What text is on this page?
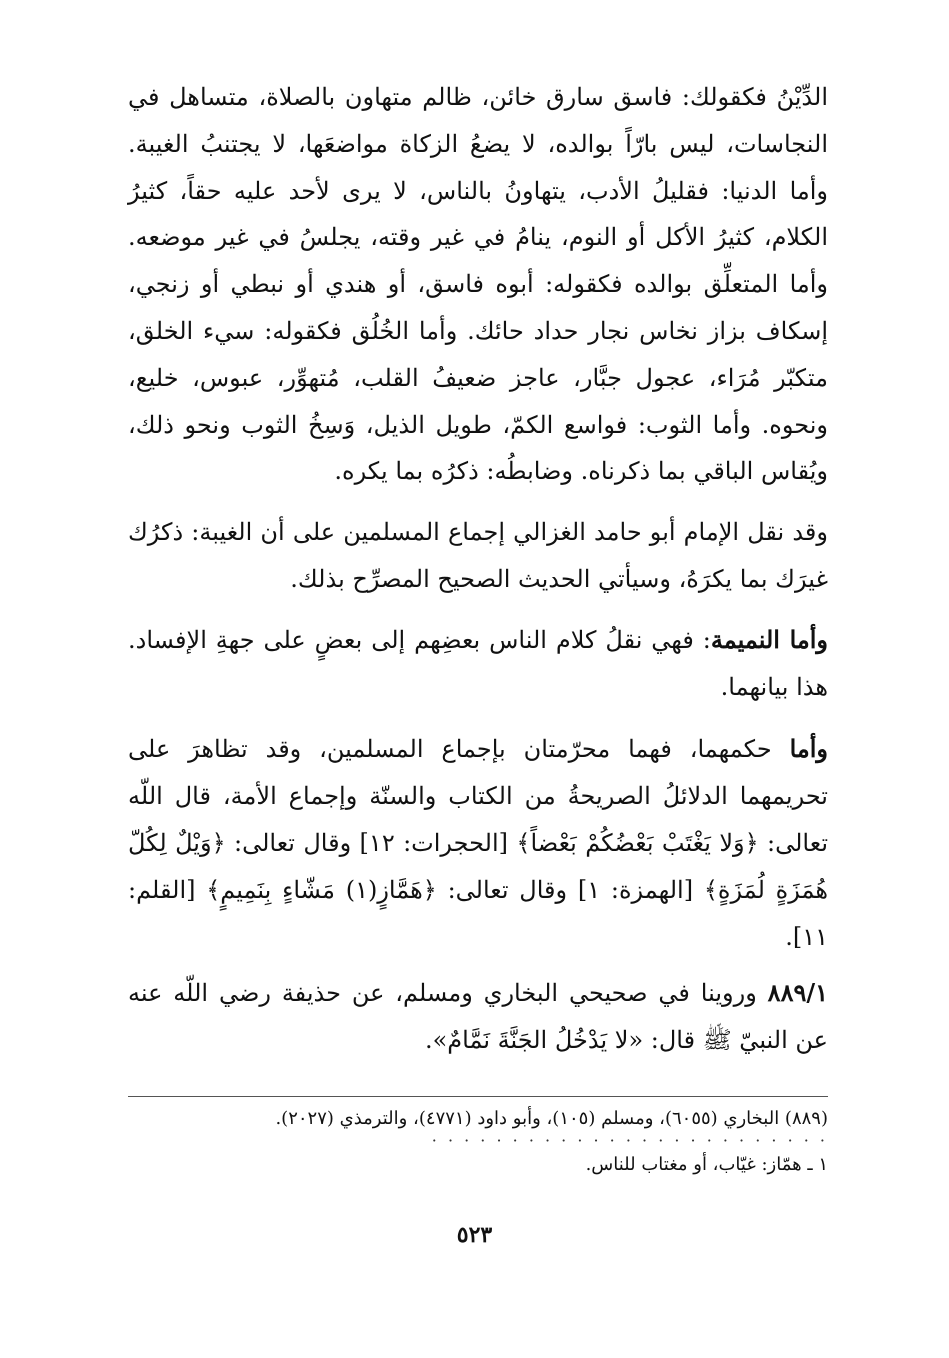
الدِّيْنُ فكقولك: فاسق سارق خائن، ظالم متهاون بالصلاة، متساهل في النجاسات، ليس بارّاً بوالده، لا يضعُ الزكاة مواضعَها، لا يجتنبُ الغيبة. وأما الدنيا: فقليلُ الأدب، يتهاونُ بالناس، لا يرى لأحد عليه حقاً، كثيرُ الكلام، كثيرُ الأكل أو النوم، ينامُ في غير وقته، يجلسُ في غير موضعه. وأما المتعلِّق بوالده فكقوله: أبوه فاسق، أو هندي أو نبطي أو زنجي، إسكاف بزاز نخاس نجار حداد حائك. وأما الخُلُق فكقوله: سيء الخلق، متكبّر مُرَاء، عجول جبَّار، عاجز ضعيفُ القلب، مُتهوِّر، عبوس، خليع، ونحوه. وأما الثوب: فواسع الكمّ، طويل الذيل، وَسِخُ الثوب ونحو ذلك، ويُقاس الباقي بما ذكرناه. وضابطُه: ذكرُه بما يكره.

وقد نقل الإمام أبو حامد الغزالي إجماع المسلمين على أن الغيبة: ذكرُك غيرَك بما يكرَهُ، وسيأتي الحديث الصحيح المصرِّح بذلك.

وأما النميمة: فهي نقلُ كلام الناس بعضِهم إلى بعضٍ على جهةِ الإفساد. هذا بيانهما.

وأما حكمهما، فهما محرّمتان بإجماع المسلمين، وقد تظاهرَ على تحريمهما الدلائلُ الصريحةُ من الكتاب والسنّة وإجماع الأمة، قال اللّه تعالى: ﴿وَلا يَغْتَبْ بَعْضُكُمْ بَعْضاً﴾ [الحجرات: ١٢] وقال تعالى: ﴿وَيْلٌ لِكُلّ هُمَزَةٍ لُمَزَةٍ﴾ [الهمزة: ١] وقال تعالى: ﴿هَمَّازٍ(١) مَشّاءٍ بِنَمِيمٍ﴾ [القلم: ١١].

٨٨٩/١ وروينا في صحيحي البخاري ومسلم، عن حذيفة رضي اللّه عنه عن النبيّ ﷺ قال: «لا يَدْخُلُ الجَنَّةَ نَمَّامٌ».

(٨٨٩) البخاري (٦٠٥٥)، ومسلم (١٠٥)، وأبو داود (٤٧٧١)، والترمذي (٢٠٢٧).

· · · · · · · · · · · · · · · · · · · · · · · · ·

١ ـ همّاز: غيّاب، أو مغتاب للناس.

٥٢٣
